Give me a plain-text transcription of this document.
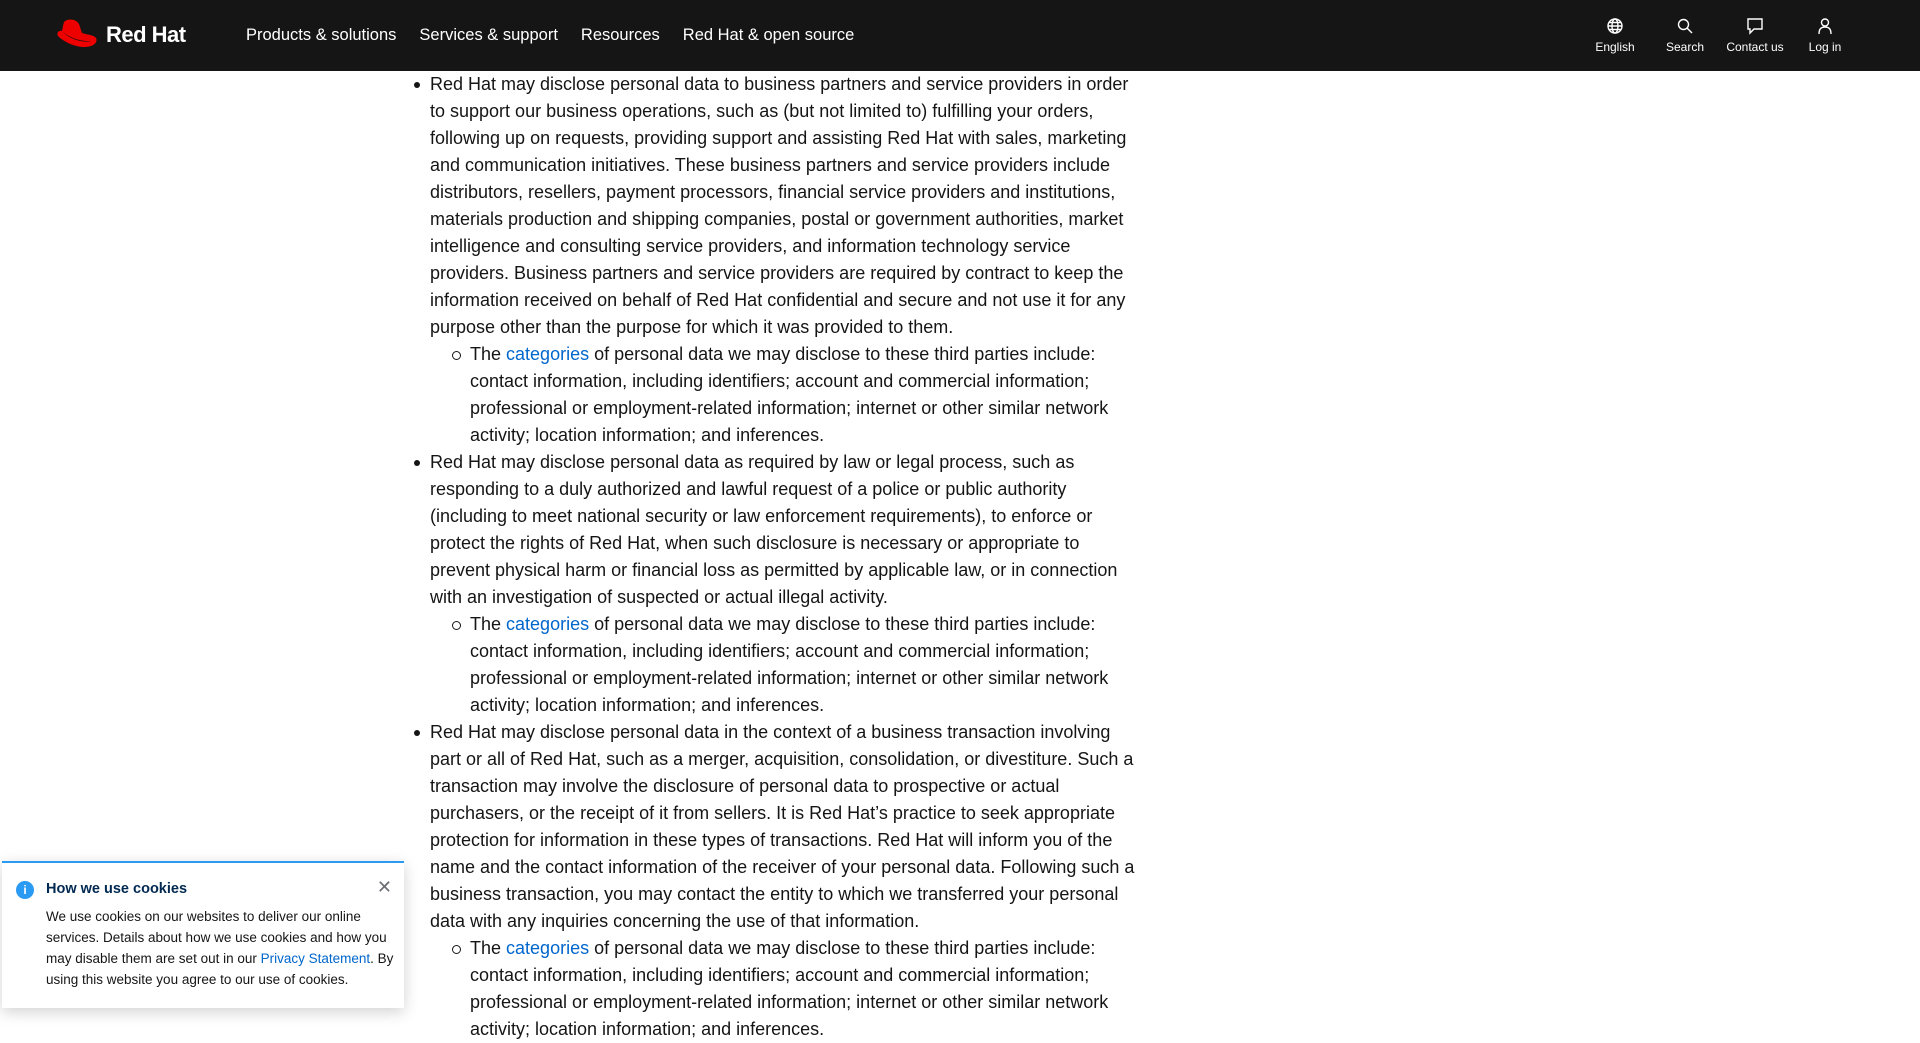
Red Hat	Products & solutions Services & support Resources Red Hat & open source
English	Search Contact us Log in
Red Hat may disclose personal data to business partners and service providers in order to support our business operations, such as (but not limited to) fulfilling your orders, following up on requests, providing support and assisting Red Hat with sales, marketing and communication initiatives. These business partners and service providers include distributors, resellers, payment processors, financial service providers and institutions, materials production and shipping companies, postal or government authorities, market intelligence and consulting service providers, and information technology service providers. Business partners and service providers are required by contract to keep the information received on behalf of Red Hat confidential and secure and not use it for any purpose other than the purpose for which it was provided to them.
The categories of personal data we may disclose to these third parties include: contact information, including identifiers; account and commercial information; professional or employment-related information; internet or other similar network activity; location information; and inferences.
Red Hat may disclose personal data as required by law or legal process, such as responding to a duly authorized and lawful request of a police or public authority (including to meet national security or law enforcement requirements), to enforce or protect the rights of Red Hat, when such disclosure is necessary or appropriate to prevent physical harm or financial loss as permitted by applicable law, or in connection with an investigation of suspected or actual illegal activity.
The categories of personal data we may disclose to these third parties include: contact information, including identifiers; account and commercial information; professional or employment-related information; internet or other similar network activity; location information; and inferences.
Red Hat may disclose personal data in the context of a business transaction involving part or all of Red Hat, such as a merger, acquisition, consolidation, or divestiture. Such a transaction may involve the disclosure of personal data to prospective or actual purchasers, or the receipt of it from sellers. It is Red Hat’s practice to seek appropriate protection for information in these types of transactions. Red Hat will inform you of the name and the contact information of the receiver of your personal data. Following such a business transaction, you may contact the entity to which we transferred your personal data with any inquiries concerning the use of that information.
The categories of personal data we may disclose to these third parties include: contact information, including identifiers; account and commercial information; professional or employment-related information; internet or other similar network activity; location information; and inferences.
i	How we use cookies	✕
We use cookies on our websites to deliver our online services. Details about how we use cookies and how you may disable them are set out in our Privacy Statement. By using this website you agree to our use of cookies.
